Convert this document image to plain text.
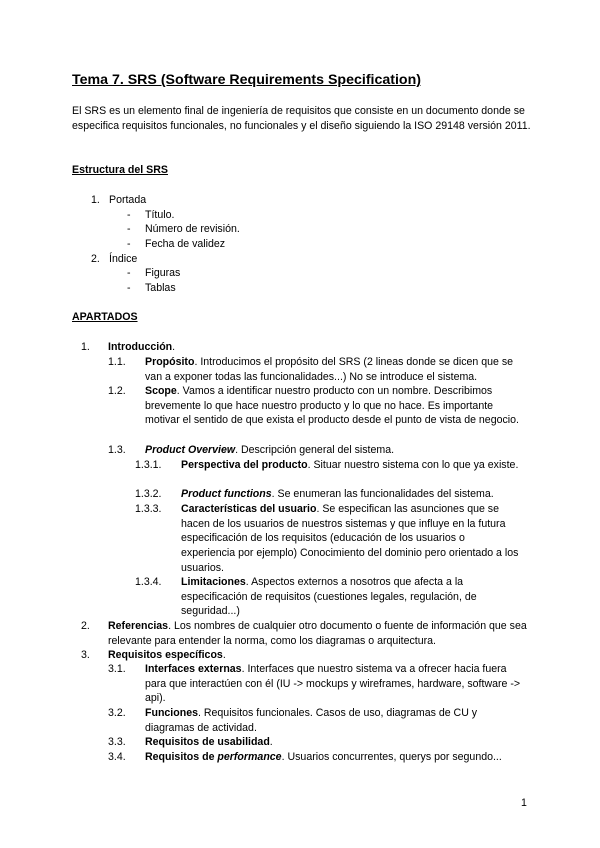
Tema 7. SRS (Software Requirements Specification)
El SRS es un elemento final de ingeniería de requisitos que consiste en un documento donde se especifica requisitos funcionales, no funcionales y el diseño siguiendo la ISO 29148 versión 2011.
Estructura del SRS
1. Portada
- Título.
- Número de revisión.
- Fecha de validez
2. Índice
- Figuras
- Tablas
APARTADOS
1. Introducción.
1.1. Propósito. Introducimos el propósito del SRS (2 lineas donde se dicen que se van a exponer todas las funcionalidades...) No se introduce el sistema.
1.2. Scope. Vamos a identificar nuestro producto con un nombre. Describimos brevemente lo que hace nuestro producto y lo que no hace. Es importante motivar el sentido de que exista el producto desde el punto de vista de negocio.
1.3. Product Overview. Descripción general del sistema.
1.3.1. Perspectiva del producto. Situar nuestro sistema con lo que ya existe.
1.3.2. Product functions. Se enumeran las funcionalidades del sistema.
1.3.3. Características del usuario. Se especifican las asunciones que se hacen de los usuarios de nuestros sistemas y que influye en la futura especificación de los requisitos (educación de los usuarios o experiencia por ejemplo) Conocimiento del dominio pero orientado a los usuarios.
1.3.4. Limitaciones. Aspectos externos a nosotros que afecta a la especificación de requisitos (cuestiones legales, regulación, de seguridad...)
2. Referencias. Los nombres de cualquier otro documento o fuente de información que sea relevante para entender la norma, como los diagramas o arquitectura.
3. Requisitos específicos.
3.1. Interfaces externas. Interfaces que nuestro sistema va a ofrecer hacia fuera para que interactúen con él (IU -> mockups y wireframes, hardware, software -> api).
3.2. Funciones. Requisitos funcionales. Casos de uso, diagramas de CU y diagramas de actividad.
3.3. Requisitos de usabilidad.
3.4. Requisitos de performance. Usuarios concurrentes, querys por segundo...
1
